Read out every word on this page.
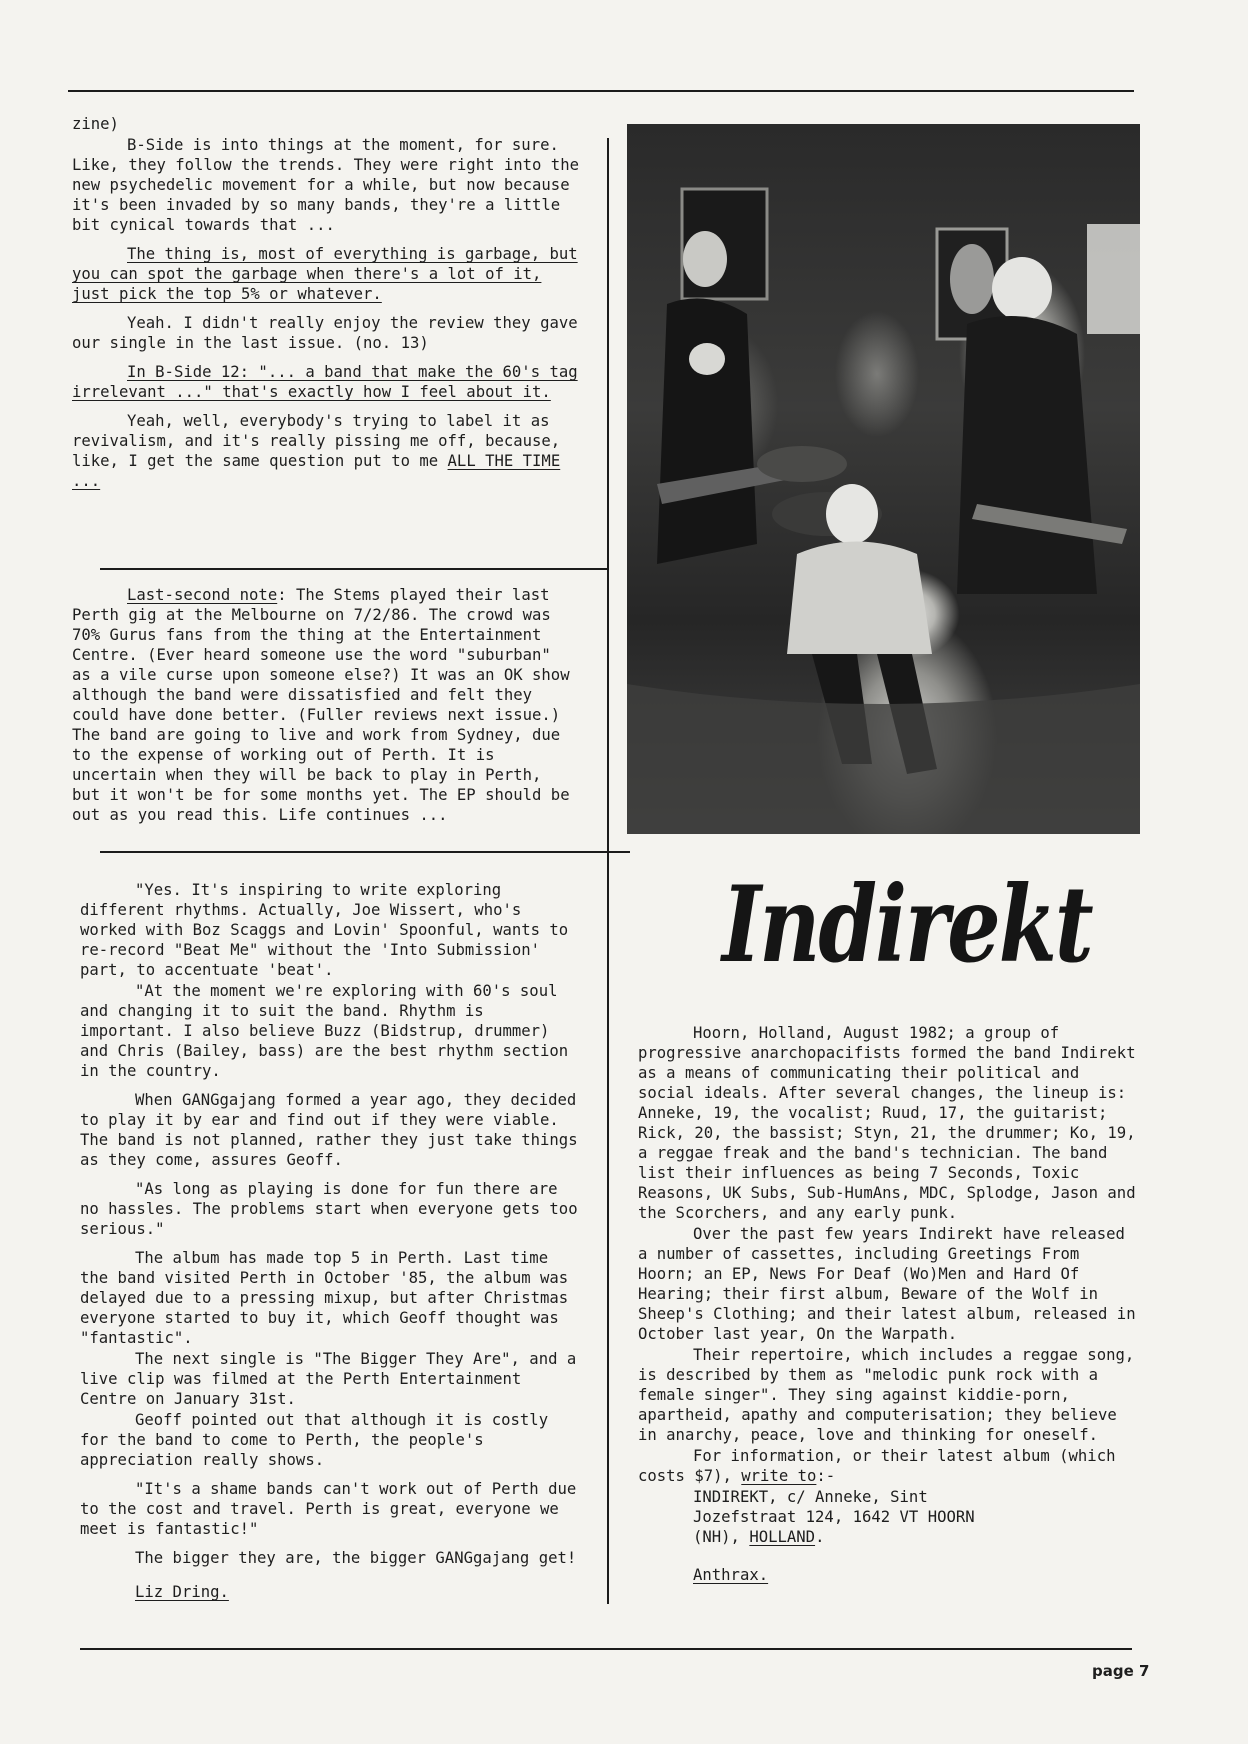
zine)

B-Side is into things at the moment, for sure. Like, they follow the trends. They were right into the new psychedelic movement for a while, but now because it's been invaded by so many bands, they're a little bit cynical towards that ...

The thing is, most of everything is garbage, but you can spot the garbage when there's a lot of it, just pick the top 5% or whatever.

Yeah. I didn't really enjoy the review they gave our single in the last issue. (no. 13)

In B-Side 12: "... a band that make the 60's tag irrelevant ..." that's exactly how I feel about it.

Yeah, well, everybody's trying to label it as revivalism, and it's really pissing me off, because, like, I get the same question put to me ALL THE TIME ...

Last-second note: The Stems played their last Perth gig at the Melbourne on 7/2/86. The crowd was 70% Gurus fans from the thing at the Entertainment Centre. (Ever heard someone use the word "suburban" as a vile curse upon someone else?) It was an OK show although the band were dissatisfied and felt they could have done better. (Fuller reviews next issue.) The band are going to live and work from Sydney, due to the expense of working out of Perth. It is uncertain when they will be back to play in Perth, but it won't be for some months yet. The EP should be out as you read this. Life continues ...

"Yes. It's inspiring to write exploring different rhythms. Actually, Joe Wissert, who's worked with Boz Scaggs and Lovin' Spoonful, wants to re-record "Beat Me" without the 'Into Submission' part, to accentuate 'beat'.

"At the moment we're exploring with 60's soul and changing it to suit the band. Rhythm is important. I also believe Buzz (Bidstrup, drummer) and Chris (Bailey, bass) are the best rhythm section in the country.

When GANGgajang formed a year ago, they decided to play it by ear and find out if they were viable. The band is not planned, rather they just take things as they come, assures Geoff.

"As long as playing is done for fun there are no hassles. The problems start when everyone gets too serious."

The album has made top 5 in Perth. Last time the band visited Perth in October '85, the album was delayed due to a pressing mixup, but after Christmas everyone started to buy it, which Geoff thought was "fantastic".

The next single is "The Bigger They Are", and a live clip was filmed at the Perth Entertainment Centre on January 31st.

Geoff pointed out that although it is costly for the band to come to Perth, the people's appreciation really shows.

"It's a shame bands can't work out of Perth due to the cost and travel. Perth is great, everyone we meet is fantastic!"

The bigger they are, the bigger GANGgajang get!

Liz Dring.

Indirekt

Hoorn, Holland, August 1982; a group of progressive anarchopacifists formed the band Indirekt as a means of communicating their political and social ideals. After several changes, the lineup is: Anneke, 19, the vocalist; Ruud, 17, the guitarist; Rick, 20, the bassist; Styn, 21, the drummer; Ko, 19, a reggae freak and the band's technician. The band list their influences as being 7 Seconds, Toxic Reasons, UK Subs, Sub-HumAns, MDC, Splodge, Jason and the Scorchers, and any early punk.

Over the past few years Indirekt have released a number of cassettes, including Greetings From Hoorn; an EP, News For Deaf (Wo)Men and Hard Of Hearing; their first album, Beware of the Wolf in Sheep's Clothing; and their latest album, released in October last year, On the Warpath.

Their repertoire, which includes a reggae song, is described by them as "melodic punk rock with a female singer". They sing against kiddie-porn, apartheid, apathy and computerisation; they believe in anarchy, peace, love and thinking for oneself.

For information, or their latest album (which costs $7), write to:-

INDIREKT, c/ Anneke, Sint
Jozefstraat 124, 1642 VT HOORN
(NH), HOLLAND.

Anthrax.

page 7
